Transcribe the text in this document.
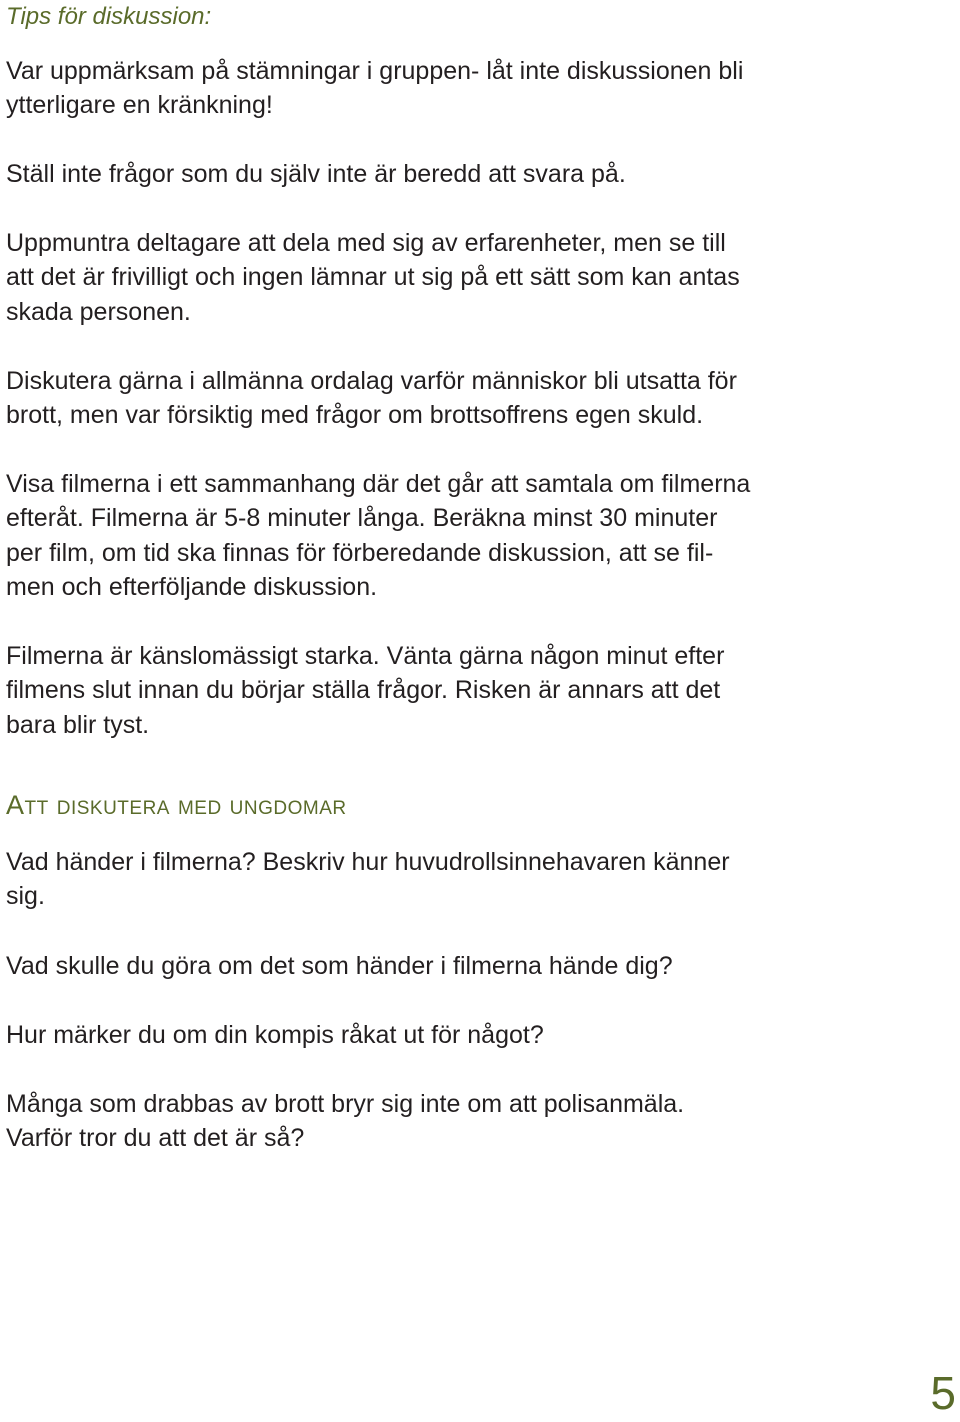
Tips för diskussion:

Var uppmärksam på stämningar i gruppen- låt inte diskussionen bli
ytterligare en kränkning!

Ställ inte frågor som du själv inte är beredd att svara på.

Uppmuntra deltagare att dela med sig av erfarenheter, men se till
att det är frivilligt och ingen lämnar ut sig på ett sätt som kan antas
skada personen.

Diskutera gärna i allmänna ordalag varför människor bli utsatta för
brott, men var försiktig med frågor om brottsoffrens egen skuld.

Visa filmerna i ett sammanhang där det går att samtala om filmerna
efteråt. Filmerna är 5-8 minuter långa. Beräkna minst 30 minuter
per film, om tid ska finnas för förberedande diskussion, att se fil-
men och efterföljande diskussion.

Filmerna är känslomässigt starka. Vänta gärna någon minut efter
filmens slut innan du börjar ställa frågor. Risken är annars att det
bara blir tyst.

Att diskutera med ungdomar

Vad händer i filmerna? Beskriv hur huvudrollsinnehavaren känner
sig.

Vad skulle du göra om det som händer i filmerna hände dig?

Hur märker du om din kompis råkat ut för något?

Många som drabbas av brott bryr sig inte om att polisanmäla.
Varför tror du att det är så?

5
